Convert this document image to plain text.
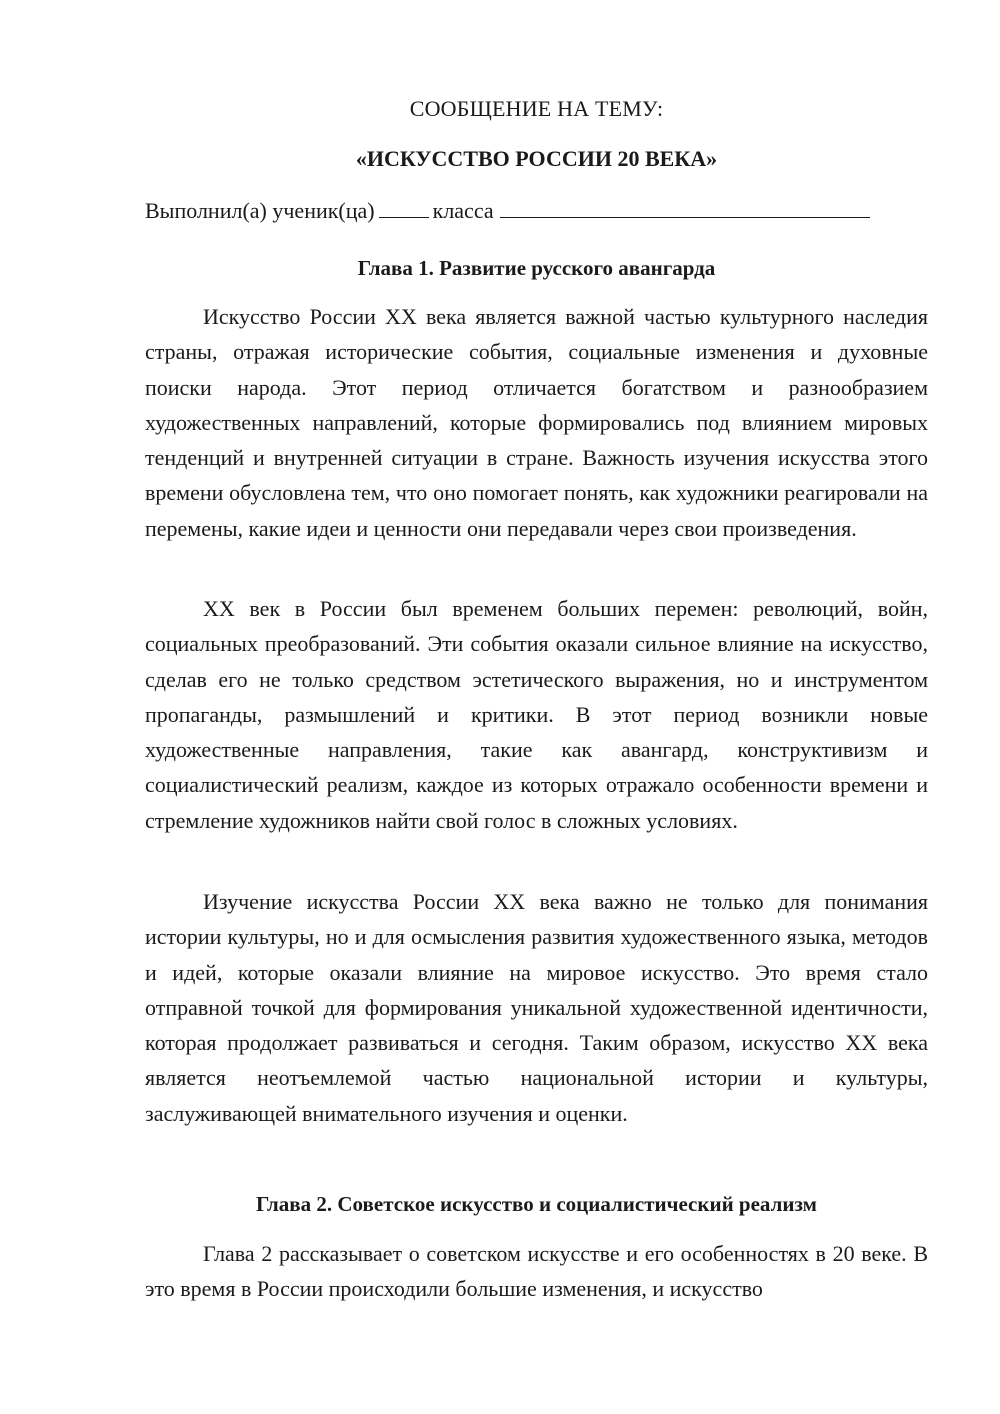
СООБЩЕНИЕ НА ТЕМУ:
«ИСКУССТВО РОССИИ 20 ВЕКА»
Выполнил(а) ученик(ца)	класса
Глава 1. Развитие русского авангарда

Искусство России XX века является важной частью культурного наследия страны, отражая исторические события, социальные изменения и духовные поиски народа. Этот период отличается богатством и разнообразием художественных направлений, которые формировались под влиянием мировых тенденций и внутренней ситуации в стране. Важность изучения искусства этого времени обусловлена тем, что оно помогает понять, как художники реагировали на перемены, какие идеи и ценности они передавали через свои произведения.

XX век в России был временем больших перемен: революций, войн, социальных преобразований. Эти события оказали сильное влияние на искусство, сделав его не только средством эстетического выражения, но и инструментом пропаганды, размышлений и критики. В этот период возникли новые художественные направления, такие как авангард, конструктивизм и социалистический реализм, каждое из которых отражало особенности времени и стремление художников найти свой голос в сложных условиях.

Изучение искусства России XX века важно не только для понимания истории культуры, но и для осмысления развития художественного языка, методов и идей, которые оказали влияние на мировое искусство. Это время стало отправной точкой для формирования уникальной художественной идентичности, которая продолжает развиваться и сегодня. Таким образом, искусство XX века является неотъемлемой частью национальной истории и культуры, заслуживающей внимательного изучения и оценки.

Глава 2. Советское искусство и социалистический реализм

Глава 2 рассказывает о советском искусстве и его особенностях в 20 веке. В это время в России происходили большие изменения, и искусство
